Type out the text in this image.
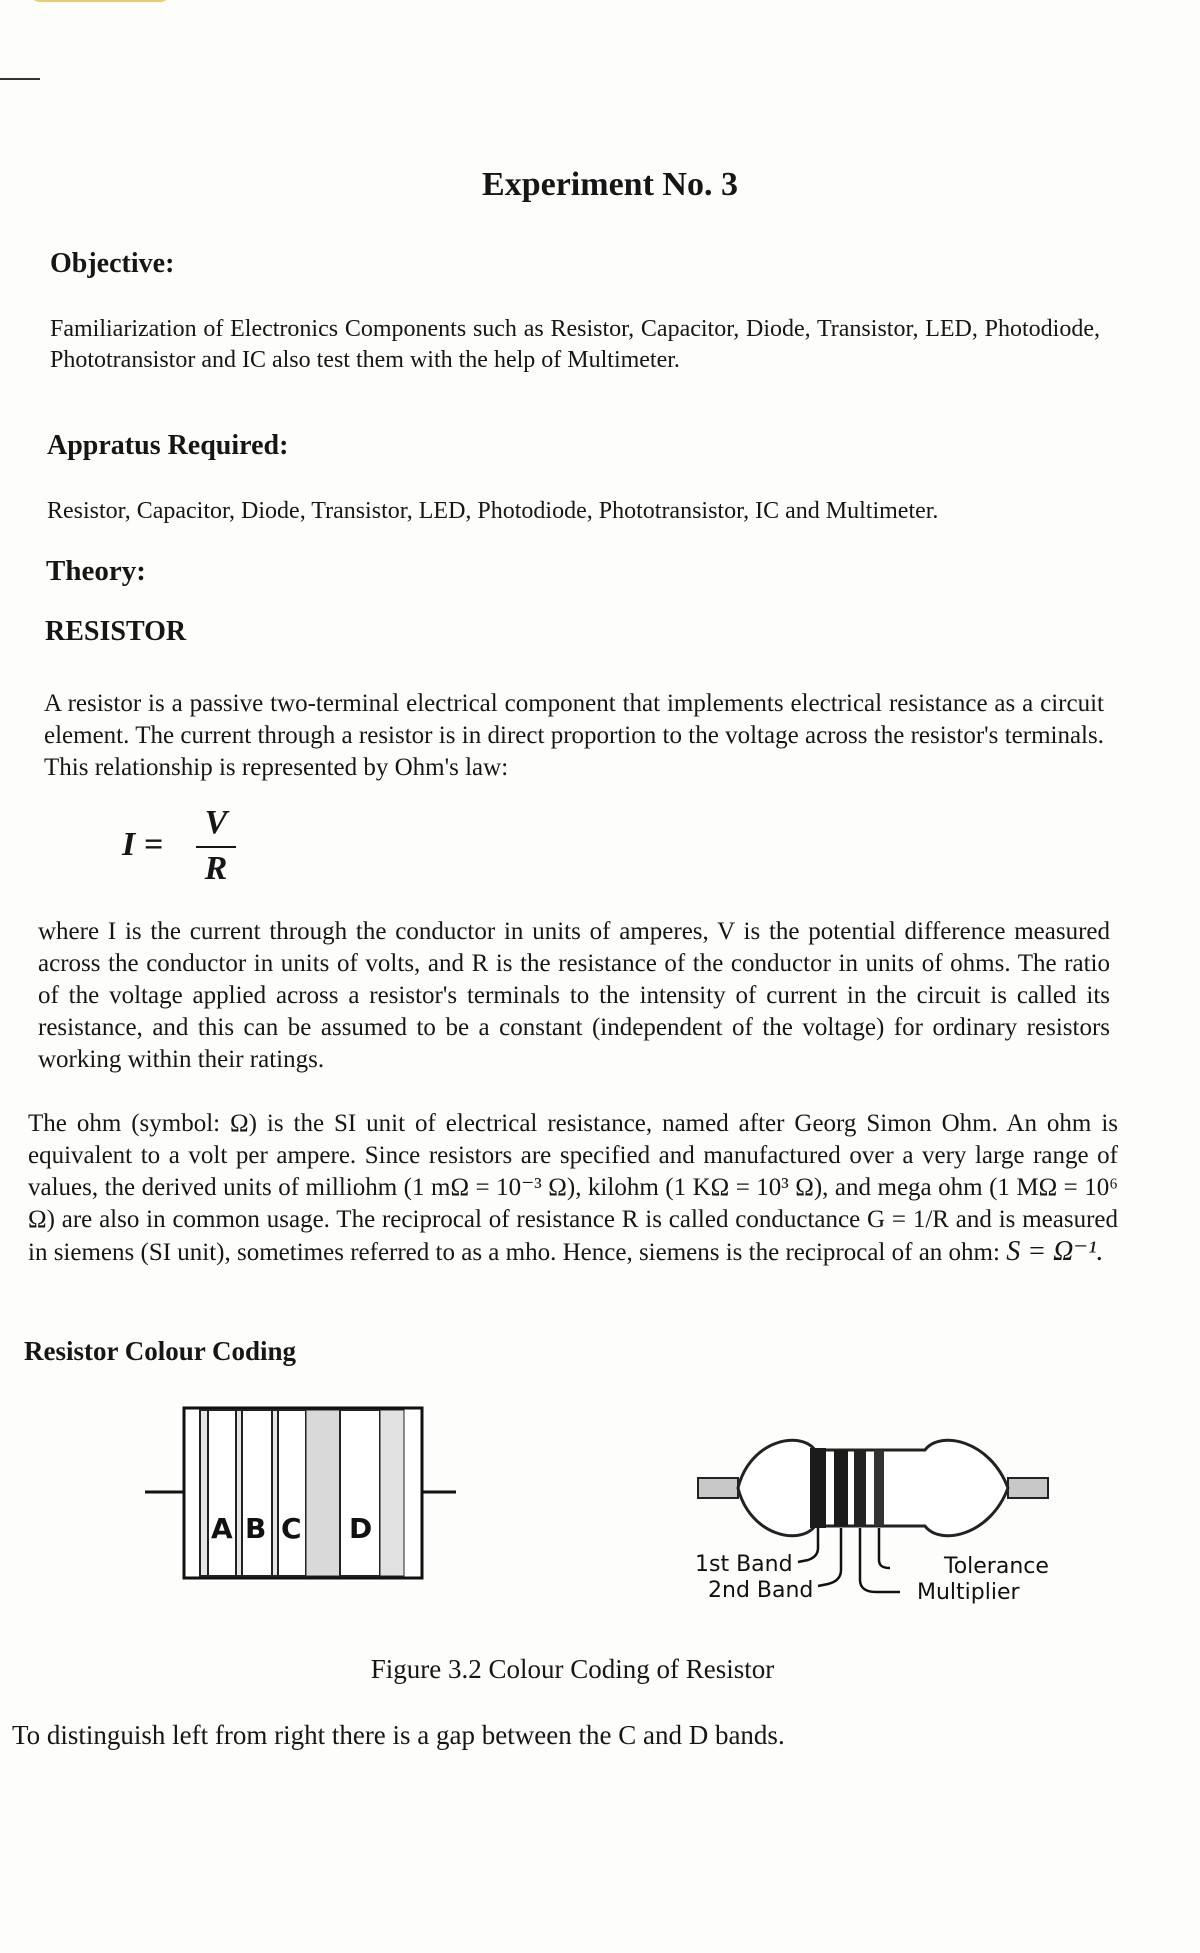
Experiment No. 3
Objective:

Familiarization of Electronics Components such as Resistor, Capacitor, Diode, Transistor, LED, Photodiode, Phototransistor and IC also test them with the help of Multimeter.

Appratus Required:

Resistor, Capacitor, Diode, Transistor, LED, Photodiode, Phototransistor, IC and Multimeter.

Theory:
RESISTOR

A resistor is a passive two-terminal electrical component that implements electrical resistance as a circuit element. The current through a resistor is in direct proportion to the voltage across the resistor's terminals. This relationship is represented by Ohm's law:

I =
V
R

where I is the current through the conductor in units of amperes, V is the potential difference measured across the conductor in units of volts, and R is the resistance of the conductor in units of ohms. The ratio of the voltage applied across a resistor's terminals to the intensity of current in the circuit is called its resistance, and this can be assumed to be a constant (independent of the voltage) for ordinary resistors working within their ratings.

The ohm (symbol: Ω) is the SI unit of electrical resistance, named after Georg Simon Ohm. An ohm is equivalent to a volt per ampere. Since resistors are specified and manufactured over a very large range of values, the derived units of milliohm (1 mΩ = 10⁻³ Ω), kilohm (1 KΩ = 10³ Ω), and mega ohm (1 MΩ = 10⁶ Ω) are also in common usage. The reciprocal of resistance R is called conductance G = 1/R and is measured in siemens (SI unit), sometimes referred to as a mho. Hence, siemens is the reciprocal of an ohm: S = Ω⁻¹.

Resistor Colour Coding
A B C D
1st Band
2nd Band
Tolerance
Multiplier
Figure 3.2 Colour Coding of Resistor

To distinguish left from right there is a gap between the C and D bands.
